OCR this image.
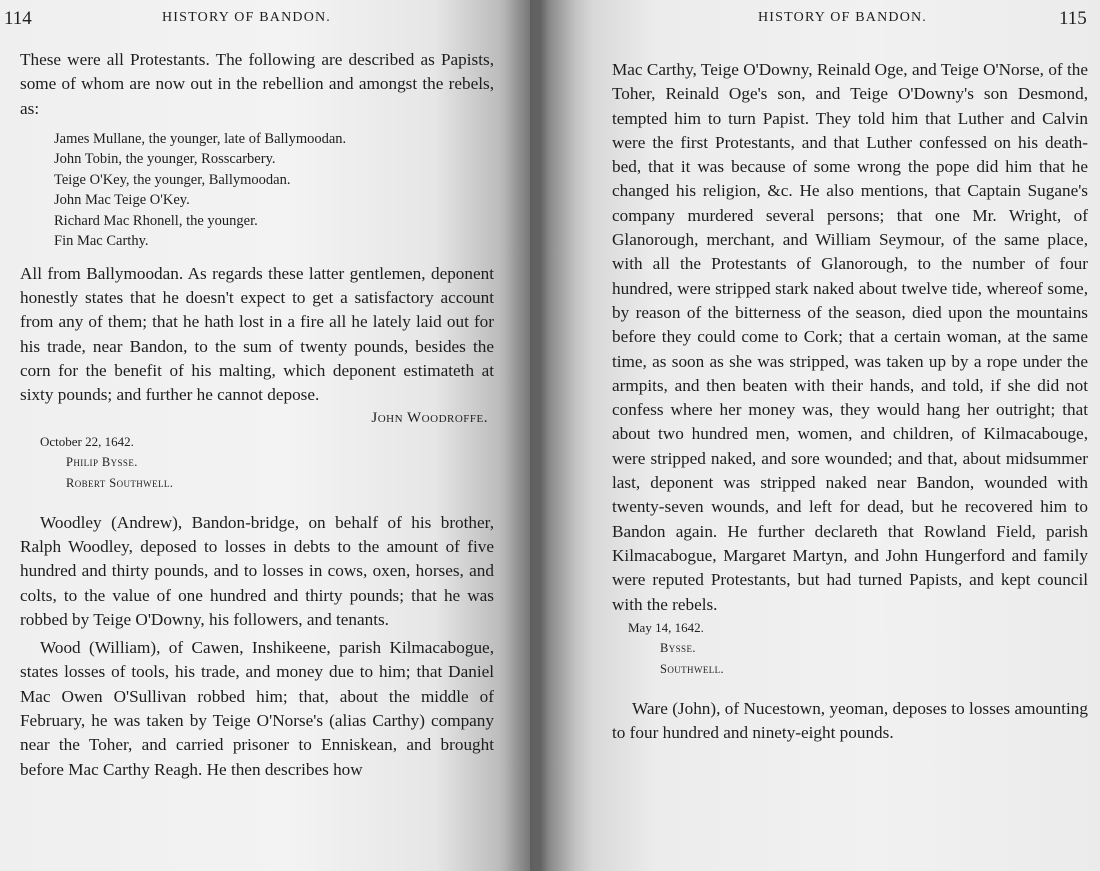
114	HISTORY OF BANDON.

These were all Protestants. The following are described as Papists, some of whom are now out in the rebellion and amongst the rebels, as:

James Mullane, the younger, late of Ballymoodan.
John Tobin, the younger, Rosscarbery.
Teige O'Key, the younger, Ballymoodan.
John Mac Teige O'Key.
Richard Mac Rhonell, the younger.
Fin Mac Carthy.

All from Ballymoodan. As regards these latter gentlemen, deponent honestly states that he doesn't expect to get a satisfactory account from any of them; that he hath lost in a fire all he lately laid out for his trade, near Bandon, to the sum of twenty pounds, besides the corn for the benefit of his malting, which deponent estimateth at sixty pounds; and further he cannot depose.

John Woodroffe.
October 22, 1642.
Philip Bysse.
Robert Southwell.

Woodley (Andrew), Bandon-bridge, on behalf of his brother, Ralph Woodley, deposed to losses in debts to the amount of five hundred and thirty pounds, and to losses in cows, oxen, horses, and colts, to the value of one hundred and thirty pounds; that he was robbed by Teige O'Downy, his followers, and tenants.

Wood (William), of Cawen, Inshikeene, parish Kilmacabogue, states losses of tools, his trade, and money due to him; that Daniel Mac Owen O'Sullivan robbed him; that, about the middle of February, he was taken by Teige O'Norse's (alias Carthy) company near the Toher, and carried prisoner to Enniskean, and brought before Mac Carthy Reagh. He then describes how

HISTORY OF BANDON.	115

Mac Carthy, Teige O'Downy, Reinald Oge, and Teige O'Norse, of the Toher, Reinald Oge's son, and Teige O'Downy's son Desmond, tempted him to turn Papist. They told him that Luther and Calvin were the first Protestants, and that Luther confessed on his death-bed, that it was because of some wrong the pope did him that he changed his religion, &c. He also mentions, that Captain Sugane's company murdered several persons; that one Mr. Wright, of Glanorough, merchant, and William Seymour, of the same place, with all the Protestants of Glanorough, to the number of four hundred, were stripped stark naked about twelve tide, whereof some, by reason of the bitterness of the season, died upon the mountains before they could come to Cork; that a certain woman, at the same time, as soon as she was stripped, was taken up by a rope under the armpits, and then beaten with their hands, and told, if she did not confess where her money was, they would hang her outright; that about two hundred men, women, and children, of Kilmacabouge, were stripped naked, and sore wounded; and that, about midsummer last, deponent was stripped naked near Bandon, wounded with twenty-seven wounds, and left for dead, but he recovered him to Bandon again. He further declareth that Rowland Field, parish Kilmacabogue, Margaret Martyn, and John Hungerford and family were reputed Protestants, but had turned Papists, and kept council with the rebels.

May 14, 1642.
Bysse.
Southwell.

Ware (John), of Nucestown, yeoman, deposes to losses amounting to four hundred and ninety-eight pounds.
